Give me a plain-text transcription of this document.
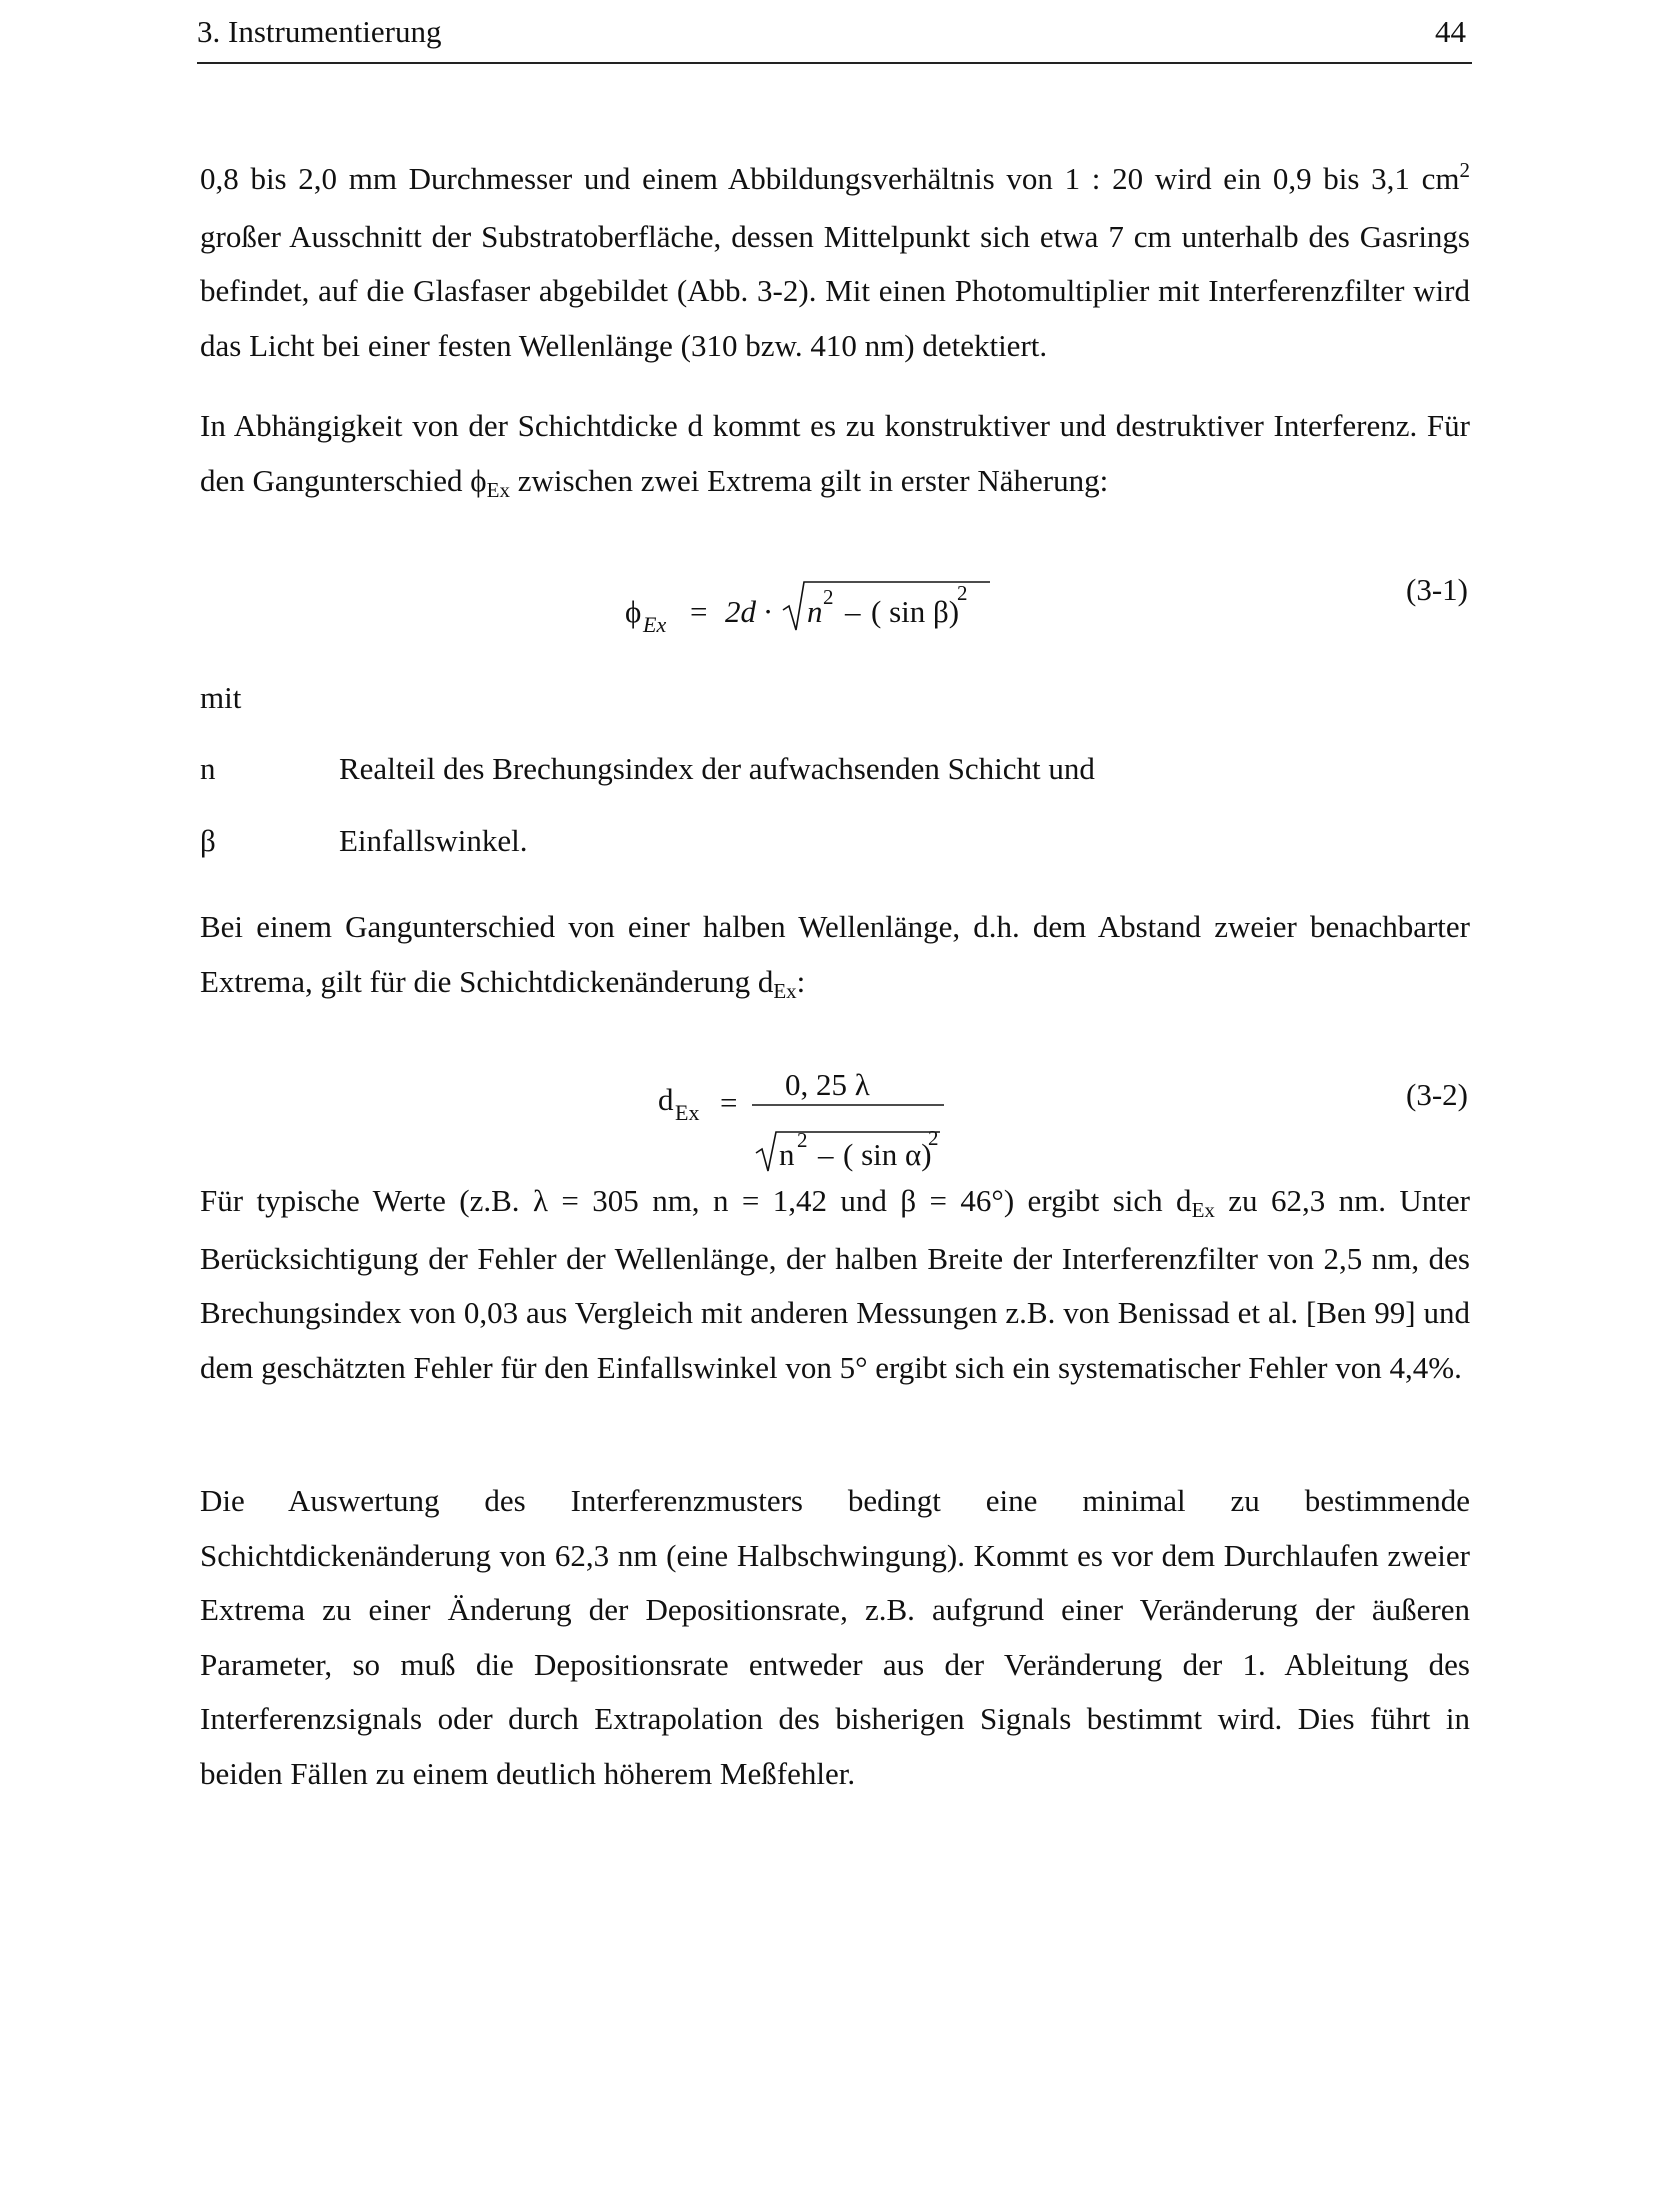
3. Instrumentierung	44

0,8 bis 2,0 mm Durchmesser und einem Abbildungsverhältnis von 1 : 20 wird ein 0,9 bis 3,1 $cm^2$ großer Ausschnitt der Substratoberfläche, dessen Mittelpunkt sich etwa 7 cm unterhalb des Gasrings befindet, auf die Glasfaser abgebildet (Abb. 3-2). Mit einen Photomultiplier mit Interferenzfilter wird das Licht bei einer festen Wellenlänge (310 bzw. 410 nm) detektiert.

In Abhängigkeit von der Schichtdicke d kommt es zu konstruktiver und destruktiver Interferenz. Für den Gangunterschied ϕEx zwischen zwei Extrema gilt in erster Näherung:

ϕ Ex = 2d · n 2 – ( sin β)
2	(3-1)
mit
n	Realteil des Brechungsindex der aufwachsenden Schicht und
β	Einfallswinkel.

Bei einem Gangunterschied von einer halben Wellenlänge, d.h. dem Abstand zweier benachbarter Extrema, gilt für die Schichtdickenänderung dEx:

d Ex =
0, 25 λ
n 2 – ( sin α)
2
(3-2)

Für typische Werte (z.B. λ = 305 nm, n = 1,42 und β = 46°) ergibt sich dEx zu 62,3 nm. Unter Berücksichtigung der Fehler der Wellenlänge, der halben Breite der Interferenzfilter von 2,5 nm, des Brechungsindex von 0,03 aus Vergleich mit anderen Messungen z.B. von Benissad et al. [Ben 99] und dem geschätzten Fehler für den Einfallswinkel von 5° ergibt sich ein systematischer Fehler von 4,4%.

Die Auswertung des Interferenzmusters bedingt eine minimal zu bestimmende Schichtdickenänderung von 62,3 nm (eine Halbschwingung). Kommt es vor dem Durchlaufen zweier Extrema zu einer Änderung der Depositionsrate, z.B. aufgrund einer Veränderung der äußeren Parameter, so muß die Depositionsrate entweder aus der Veränderung der 1. Ableitung des Interferenzsignals oder durch Extrapolation des bisherigen Signals bestimmt wird. Dies führt in beiden Fällen zu einem deutlich höherem Meßfehler.
